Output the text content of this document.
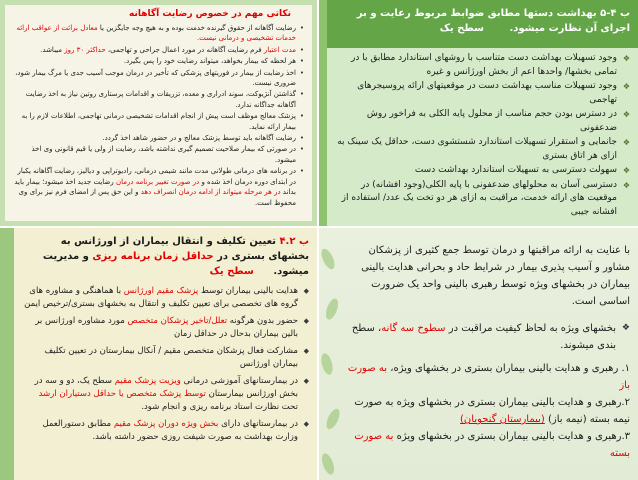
نکاتی مهم در خصوص رضایت آگاهانه
• رضایت آگاهانه از حقوق گیرنده خدمت بوده و به هیچ وجه جایگزین یا معادل برائت از عواقب ارائه خدمات تشخیصی و درمانی نیست.
• مدت اعتبار فرم رضایت آگاهانه در مورد اعمال جراحی و تهاجمی، حداکثر ۳۰ روز میباشد.
• هر لحظه که بیمار بخواهد، میتواند رضایت خود را پس بگیرد.
• اخذ رضایت از بیمار در فوریتهای پزشکی که تأخیر در درمان موجب آسیب جدی یا مرگ بیمار شود، ضروری نیست.
• گذاشتن آنژیوکت، سوند ادراری و معده، تزریقات و اقدامات پرستاری روتین نیاز به اخذ رضایت آگاهانه جداگانه ندارد.
• پزشک معالج موظف است پیش از انجام اقدامات تشخیصی درمانی تهاجمی، اطلاعات لازم را به بیمار ارائه نماید.
• رضایت آگاهانه باید توسط پزشک معالج و در حضور شاهد اخذ گردد.
• در صورتی که بیمار صلاحیت تصمیم گیری نداشته باشد، رضایت از ولی یا قیم قانونی وی اخذ میشود.
• در برنامه های درمانی طولانی مدت مانند شیمی درمانی، رادیوتراپی و دیالیز، رضایت آگاهانه یکبار در ابتدای دوره درمان اخذ شده و در صورت تغییر برنامه درمان رضایت جدید اخذ میشود؛ بیمار باید بداند در هر مرحله میتواند از ادامه درمان انصراف دهد و این حق پس از امضای فرم نیز برای وی محفوظ است.
ب ۴-۵ بهداشت دستها مطابق ضوابط مربوط رعایت و بر اجرای آن نظارت میشود. سطح یک
❖ وجود تسهیلات بهداشت دست متناسب با روشهای استاندارد مطابق با در تمامی بخشها/ واحدها اعم از بخش اورژانس و غیره
❖ وجود تسهیلات مناسب بهداشت دست در موقعیتهای ارائه پروسیجرهای تهاجمی
❖ در دسترس بودن حجم مناسب از محلول پایه الکلی به فراخور روش ضدعفونی
❖ جانمایی و استقرار تسهیلات استاندارد شستشوی دست، حداقل یک سینک به ازای هر اتاق بستری
❖ سهولت دسترسی به تسهیلات استاندارد بهداشت دست
❖ دسترسی آسان به محلولهای ضدعفونی با پایه الکلی(وجود افشانه) در موقعیت های ارائه خدمت، مراقبت به ازای هر دو تخت یک عدد/ استفاده از افشانه جیبی
ب ۴.۲ تعیین تکلیف و انتقال بیماران از اورژانس به بخشهای بستری در حداقل زمان برنامه ریزی و مدیریت میشود. سطح یک
◆ هدایت بالینی بیماران توسط پزشک مقیم اورژانس با هماهنگی و مشاوره های گروه های تخصصی برای تعیین تکلیف و انتقال به بخشهای بستری/ترخیص ایمن
◆ حضور بدون هرگونه تعلل/تاخیر پزشکان متخصص مورد مشاوره اورژانس بر بالین بیماران بدحال در حداقل زمان
◆ مشارکت فعال پزشکان متخصص مقیم / آنکال بیمارستان در تعیین تکلیف بیماران اورژانس
◆ در بیمارستانهای آموزشی درمانی ویزیت پزشک مقیم سطح یک، دو و سه در بخش اورژانس بیمارستان توسط پزشک متخصص یا حداقل دستیاران ارشد تحت نظارت استاد برنامه ریزی و انجام شود.
◆ در بیمارستانهای دارای بخش ویژه دوران پزشک مقیم مطابق دستورالعمل وزارت بهداشت به صورت شیفت روزی حضور داشته باشد.

با عنایت به ارائه مراقبتها و درمان توسط جمع کثیری از پزشکان مشاور و آسیب پذیری بیمار در شرایط حاد و بحرانی هدایت بالینی بیماران در بخشهای ویژه توسط رهبری بالینی واحد یک ضرورت اساسی است.

❖ بخشهای ویژه به لحاظ کیفیت مراقبت در سطوح سه گانه، سطح بندی میشوند.
۱. رهبری و هدایت بالینی بیماران بستری در بخشهای ویژه، به صورت باز
۲.رهبری و هدایت بالینی بیماران بستری در بخشهای ویژه به صورت نیمه بسته (نیمه باز) (بیمارستان گنجویان)
۳.رهبری و هدایت بالینی بیماران بستری در بخشهای ویژه به صورت بسته
